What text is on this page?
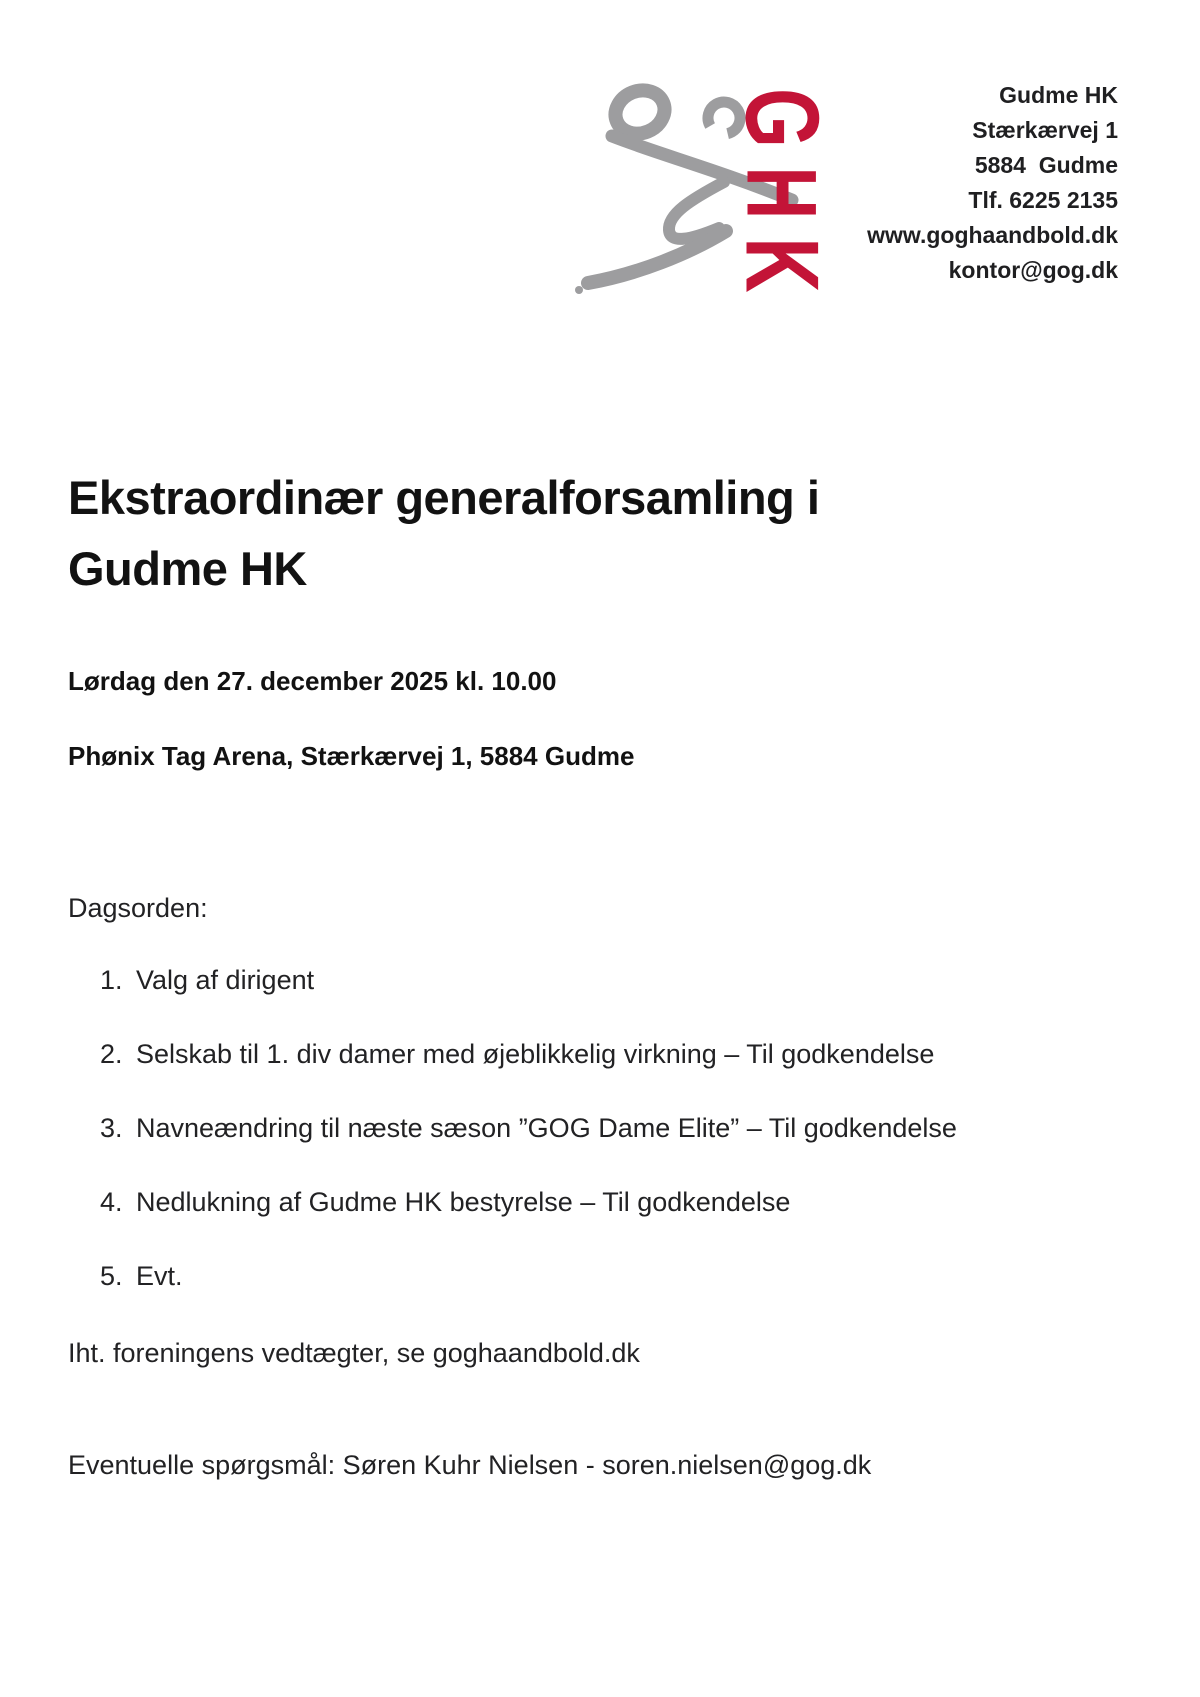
G
H
K
Gudme HK
Stærkærvej 1
5884  Gudme
Tlf. 6225 2135
www.goghaandbold.dk
kontor@gog.dk
Ekstraordinær generalforsamling i
Gudme HK
Lørdag den 27. december 2025 kl. 10.00
Phønix Tag Arena, Stærkærvej 1, 5884 Gudme
Dagsorden:
1. Valg af dirigent
2. Selskab til 1. div damer med øjeblikkelig virkning – Til godkendelse
3. Navneændring til næste sæson ”GOG Dame Elite” – Til godkendelse
4. Nedlukning af Gudme HK bestyrelse – Til godkendelse
5. Evt.
Iht. foreningens vedtægter, se goghaandbold.dk
Eventuelle spørgsmål: Søren Kuhr Nielsen - soren.nielsen@gog.dk
